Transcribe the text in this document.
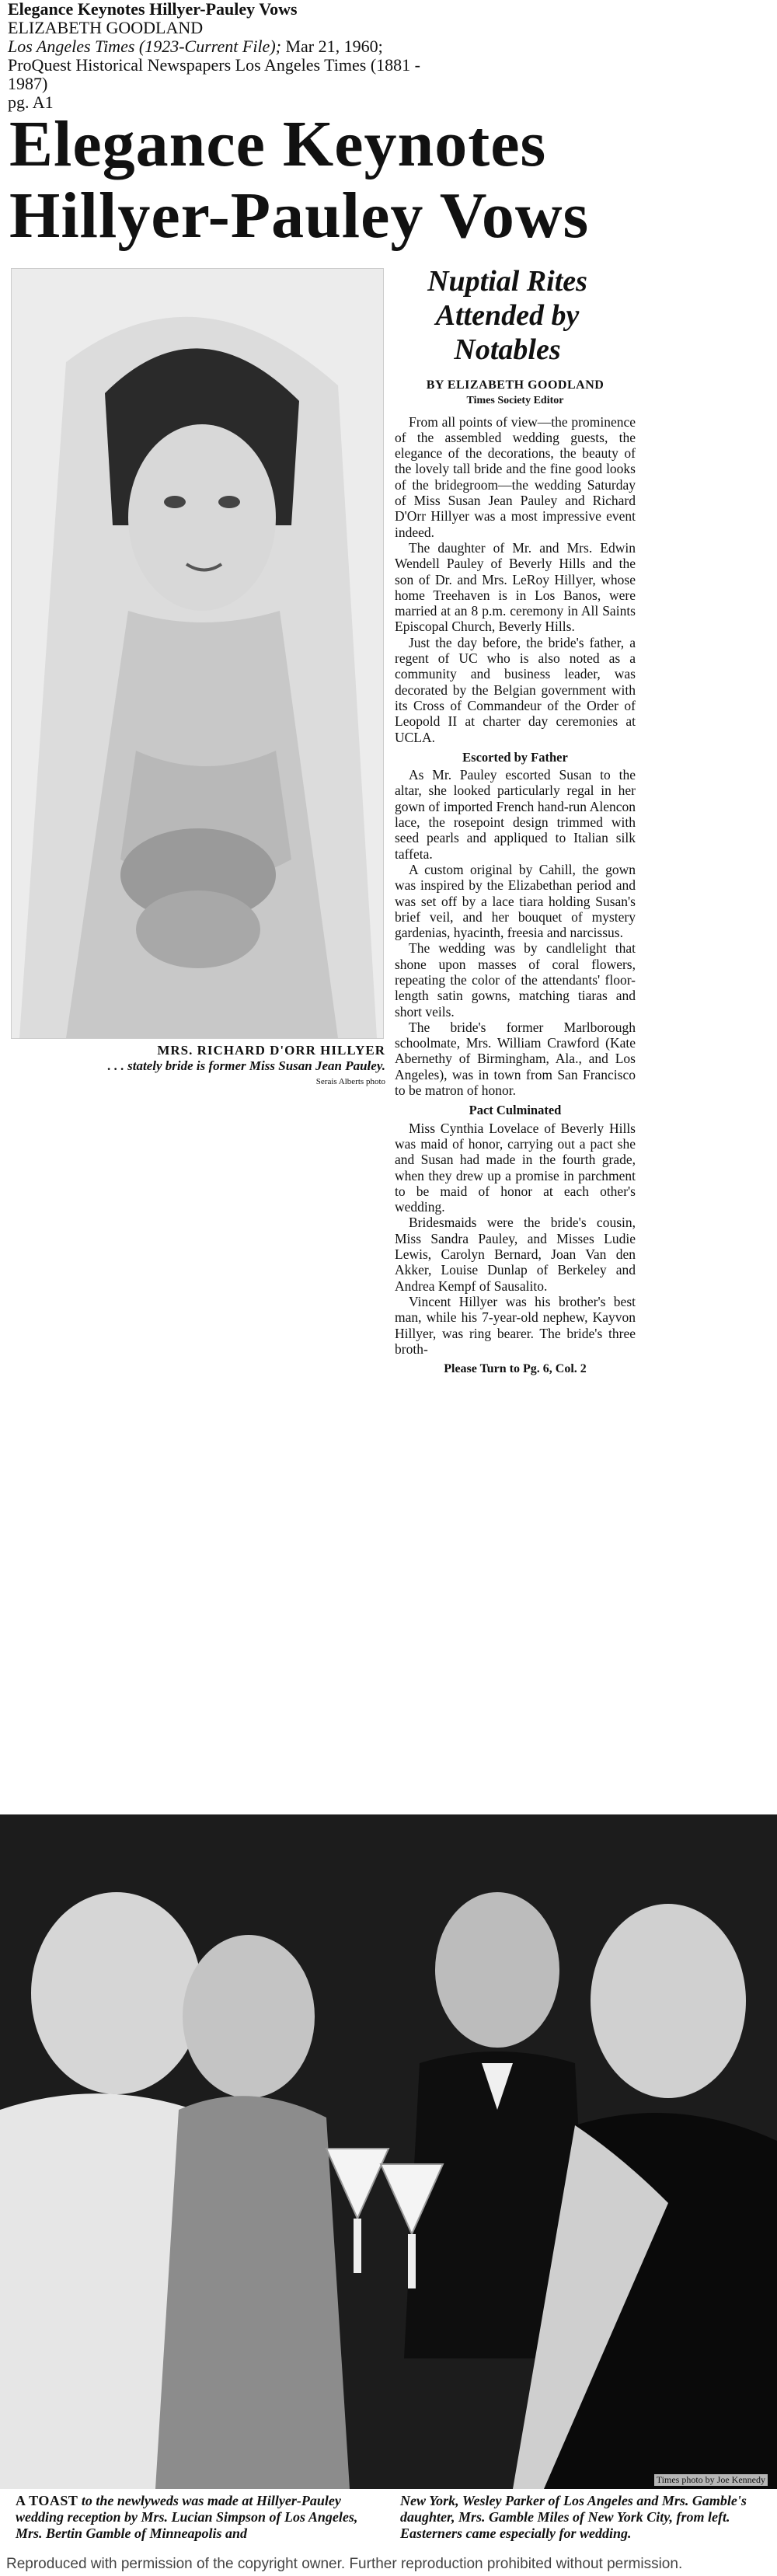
Elegance Keynotes Hillyer-Pauley Vows
ELIZABETH GOODLAND
Los Angeles Times (1923-Current File); Mar 21, 1960;
ProQuest Historical Newspapers Los Angeles Times (1881 - 1987)
pg. A1
Elegance Keynotes
Hillyer-Pauley Vows
MRS. RICHARD D'ORR HILLYER
. . . stately bride is former Miss Susan Jean Pauley.
Serais Alberts photo
Nuptial Rites
Attended by
Notables
BY ELIZABETH GOODLAND
Times Society Editor

From all points of view—the prominence of the assembled wedding guests, the elegance of the decorations, the beauty of the lovely tall bride and the fine good looks of the bridegroom—the wedding Saturday of Miss Susan Jean Pauley and Richard D'Orr Hillyer was a most impressive event indeed.

The daughter of Mr. and Mrs. Edwin Wendell Pauley of Beverly Hills and the son of Dr. and Mrs. LeRoy Hillyer, whose home Treehaven is in Los Banos, were married at an 8 p.m. ceremony in All Saints Episcopal Church, Beverly Hills.

Just the day before, the bride's father, a regent of UC who is also noted as a community and business leader, was decorated by the Belgian government with its Cross of Commandeur of the Order of Leopold II at charter day ceremonies at UCLA.

Escorted by Father

As Mr. Pauley escorted Susan to the altar, she looked particularly regal in her gown of imported French hand-run Alencon lace, the rosepoint design trimmed with seed pearls and appliqued to Italian silk taffeta.

A custom original by Cahill, the gown was inspired by the Elizabethan period and was set off by a lace tiara holding Susan's brief veil, and her bouquet of mystery gardenias, hyacinth, freesia and narcissus.

The wedding was by candlelight that shone upon masses of coral flowers, repeating the color of the attendants' floor-length satin gowns, matching tiaras and short veils.

The bride's former Marlborough schoolmate, Mrs. William Crawford (Kate Abernethy of Birmingham, Ala., and Los Angeles), was in town from San Francisco to be matron of honor.

Pact Culminated

Miss Cynthia Lovelace of Beverly Hills was maid of honor, carrying out a pact she and Susan had made in the fourth grade, when they drew up a promise in parchment to be maid of honor at each other's wedding.

Bridesmaids were the bride's cousin, Miss Sandra Pauley, and Misses Ludie Lewis, Carolyn Bernard, Joan Van den Akker, Louise Dunlap of Berkeley and Andrea Kempf of Sausalito.

Vincent Hillyer was his brother's best man, while his 7-year-old nephew, Kayvon Hillyer, was ring bearer. The bride's three broth-

Please Turn to Pg. 6, Col. 2
Times photo by Joe Kennedy
A TOAST to the newlyweds was made at Hillyer-Pauley wedding reception by Mrs. Lucian Simpson of Los Angeles, Mrs. Bertin Gamble of Minneapolis and
New York, Wesley Parker of Los Angeles and Mrs. Gamble's daughter, Mrs. Gamble Miles of New York City, from left. Easterners came especially for wedding.
Reproduced with permission of the copyright owner. Further reproduction prohibited without permission.
